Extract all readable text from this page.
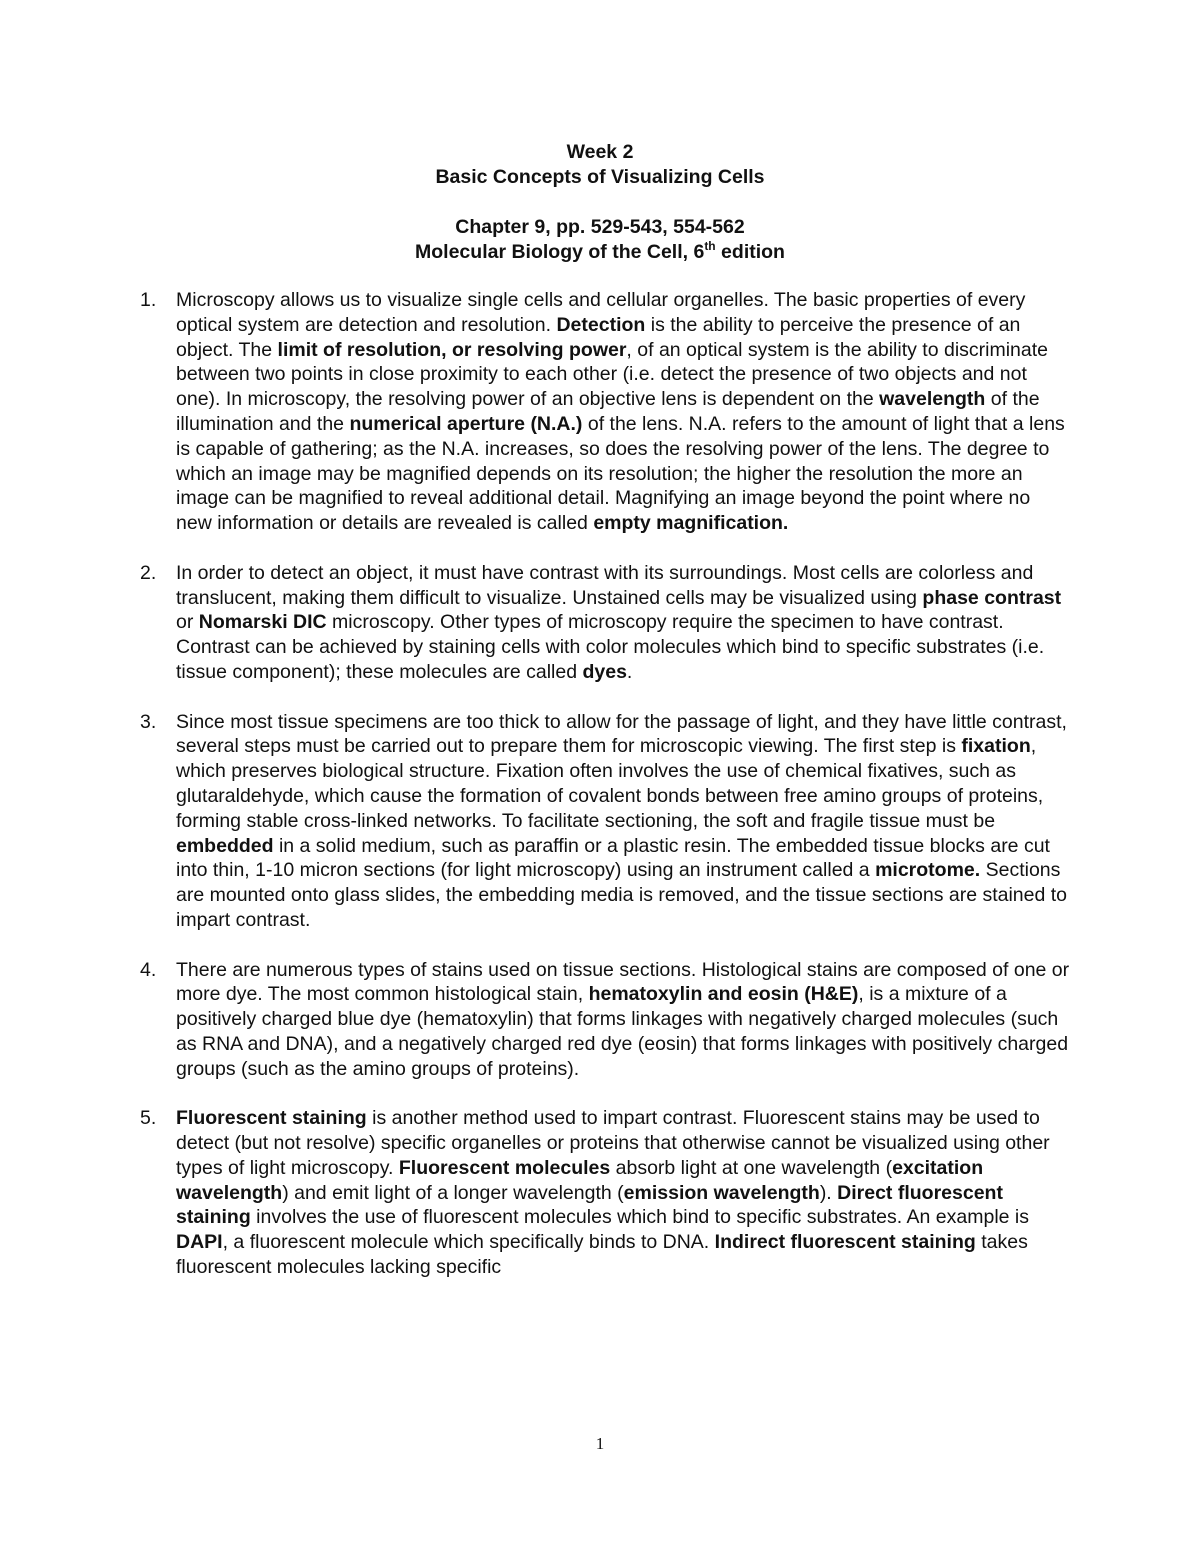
Week 2
Basic Concepts of Visualizing Cells
Chapter 9, pp. 529-543, 554-562
Molecular Biology of the Cell, 6th edition
1. Microscopy allows us to visualize single cells and cellular organelles. The basic properties of every optical system are detection and resolution. Detection is the ability to perceive the presence of an object. The limit of resolution, or resolving power, of an optical system is the ability to discriminate between two points in close proximity to each other (i.e. detect the presence of two objects and not one). In microscopy, the resolving power of an objective lens is dependent on the wavelength of the illumination and the numerical aperture (N.A.) of the lens. N.A. refers to the amount of light that a lens is capable of gathering; as the N.A. increases, so does the resolving power of the lens. The degree to which an image may be magnified depends on its resolution; the higher the resolution the more an image can be magnified to reveal additional detail. Magnifying an image beyond the point where no new information or details are revealed is called empty magnification.

2. In order to detect an object, it must have contrast with its surroundings. Most cells are colorless and translucent, making them difficult to visualize. Unstained cells may be visualized using phase contrast or Nomarski DIC microscopy. Other types of microscopy require the specimen to have contrast. Contrast can be achieved by staining cells with color molecules which bind to specific substrates (i.e. tissue component); these molecules are called dyes.

3. Since most tissue specimens are too thick to allow for the passage of light, and they have little contrast, several steps must be carried out to prepare them for microscopic viewing. The first step is fixation, which preserves biological structure. Fixation often involves the use of chemical fixatives, such as glutaraldehyde, which cause the formation of covalent bonds between free amino groups of proteins, forming stable cross-linked networks. To facilitate sectioning, the soft and fragile tissue must be embedded in a solid medium, such as paraffin or a plastic resin. The embedded tissue blocks are cut into thin, 1-10 micron sections (for light microscopy) using an instrument called a microtome. Sections are mounted onto glass slides, the embedding media is removed, and the tissue sections are stained to impart contrast.

4. There are numerous types of stains used on tissue sections. Histological stains are composed of one or more dye. The most common histological stain, hematoxylin and eosin (H&E), is a mixture of a positively charged blue dye (hematoxylin) that forms linkages with negatively charged molecules (such as RNA and DNA), and a negatively charged red dye (eosin) that forms linkages with positively charged groups (such as the amino groups of proteins).

5. Fluorescent staining is another method used to impart contrast. Fluorescent stains may be used to detect (but not resolve) specific organelles or proteins that otherwise cannot be visualized using other types of light microscopy. Fluorescent molecules absorb light at one wavelength (excitation wavelength) and emit light of a longer wavelength (emission wavelength). Direct fluorescent staining involves the use of fluorescent molecules which bind to specific substrates. An example is DAPI, a fluorescent molecule which specifically binds to DNA. Indirect fluorescent staining takes fluorescent molecules lacking specific

1
